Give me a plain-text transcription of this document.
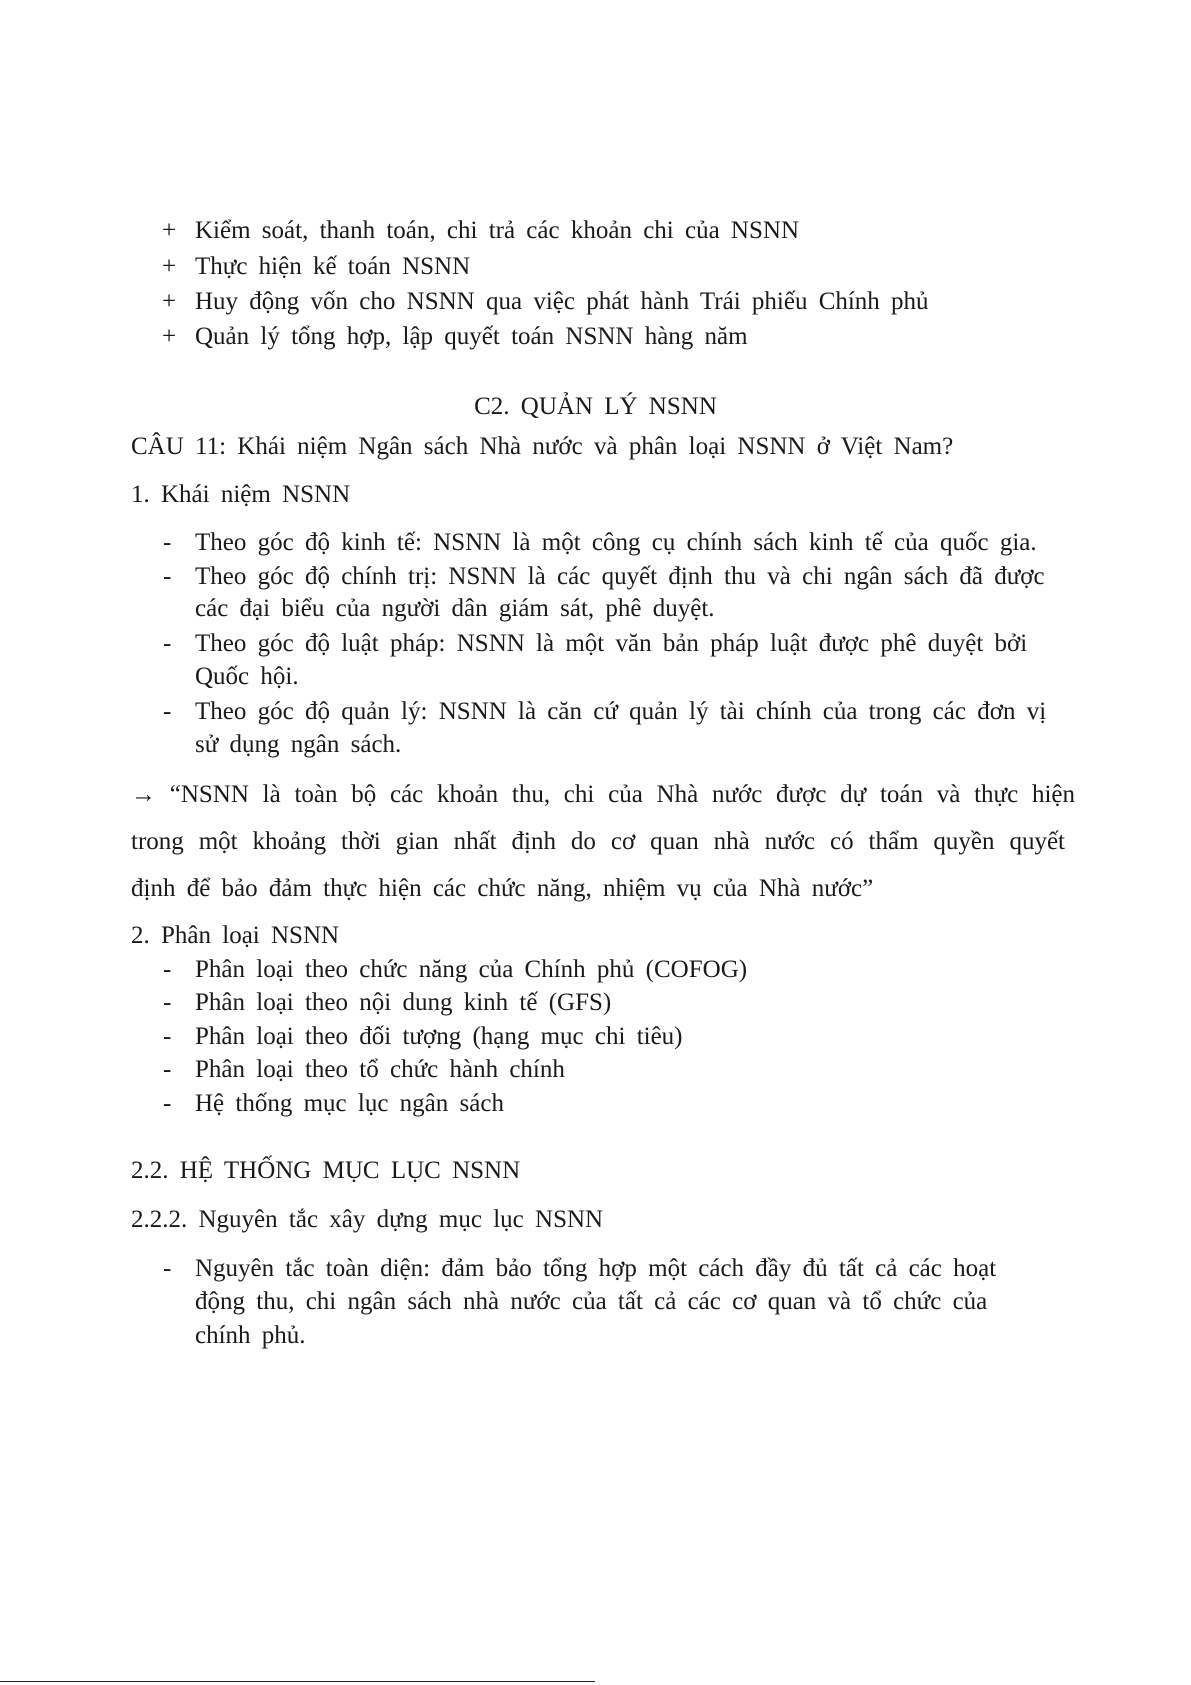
+ Kiểm soát, thanh toán, chi trả các khoản chi của NSNN
+ Thực hiện kế toán NSNN
+ Huy động vốn cho NSNN qua việc phát hành Trái phiếu Chính phủ
+ Quản lý tổng hợp, lập quyết toán NSNN hàng năm
C2. QUẢN LÝ NSNN
CÂU 11: Khái niệm Ngân sách Nhà nước và phân loại NSNN ở Việt Nam?
1. Khái niệm NSNN
- Theo góc độ kinh tế: NSNN là một công cụ chính sách kinh tế của quốc gia.
- Theo góc độ chính trị: NSNN là các quyết định thu và chi ngân sách đã được
các đại biểu của người dân giám sát, phê duyệt.
- Theo góc độ luật pháp: NSNN là một văn bản pháp luật được phê duyệt bởi
Quốc hội.
- Theo góc độ quản lý: NSNN là căn cứ quản lý tài chính của trong các đơn vị
sử dụng ngân sách.
→ “NSNN là toàn bộ các khoản thu, chi của Nhà nước được dự toán và thực hiện
trong một khoảng thời gian nhất định do cơ quan nhà nước có thẩm quyền quyết
định để bảo đảm thực hiện các chức năng, nhiệm vụ của Nhà nước”
2. Phân loại NSNN
- Phân loại theo chức năng của Chính phủ (COFOG)
- Phân loại theo nội dung kinh tế (GFS)
- Phân loại theo đối tượng (hạng mục chi tiêu)
- Phân loại theo tổ chức hành chính
- Hệ thống mục lục ngân sách
2.2. HỆ THỐNG MỤC LỤC NSNN
2.2.2. Nguyên tắc xây dựng mục lục NSNN
- Nguyên tắc toàn diện: đảm bảo tổng hợp một cách đầy đủ tất cả các hoạt
động thu, chi ngân sách nhà nước của tất cả các cơ quan và tổ chức của
chính phủ.
